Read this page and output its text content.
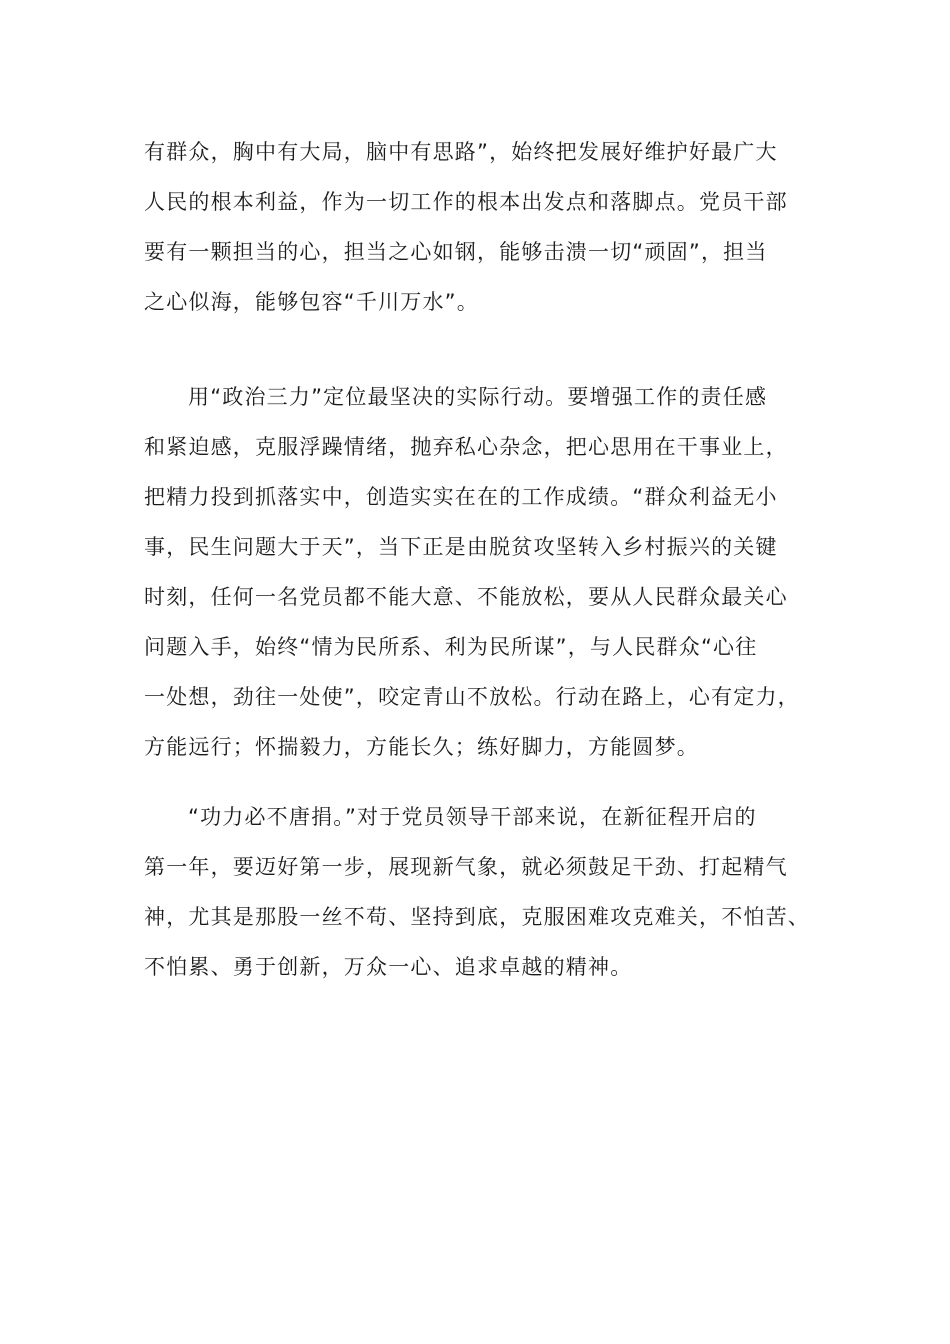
有群众，胸中有大局，脑中有思路”，始终把发展好维护好最广大
人民的根本利益，作为一切工作的根本出发点和落脚点。党员干部
要有一颗担当的心，担当之心如钢，能够击溃一切“顽固”，担当
之心似海，能够包容“千川万水”。
用“政治三力”定位最坚决的实际行动。要增强工作的责任感
和紧迫感，克服浮躁情绪，抛弃私心杂念，把心思用在干事业上，
把精力投到抓落实中，创造实实在在的工作成绩。“群众利益无小
事，民生问题大于天”，当下正是由脱贫攻坚转入乡村振兴的关键
时刻，任何一名党员都不能大意、不能放松，要从人民群众最关心
问题入手，始终“情为民所系、利为民所谋”，与人民群众“心往
一处想，劲往一处使”，咬定青山不放松。行动在路上，心有定力，
方能远行；怀揣毅力，方能长久；练好脚力，方能圆梦。
“功力必不唐捐。”对于党员领导干部来说，在新征程开启的
第一年，要迈好第一步，展现新气象，就必须鼓足干劲、打起精气
神，尤其是那股一丝不苟、坚持到底，克服困难攻克难关，不怕苦、
不怕累、勇于创新，万众一心、追求卓越的精神。
